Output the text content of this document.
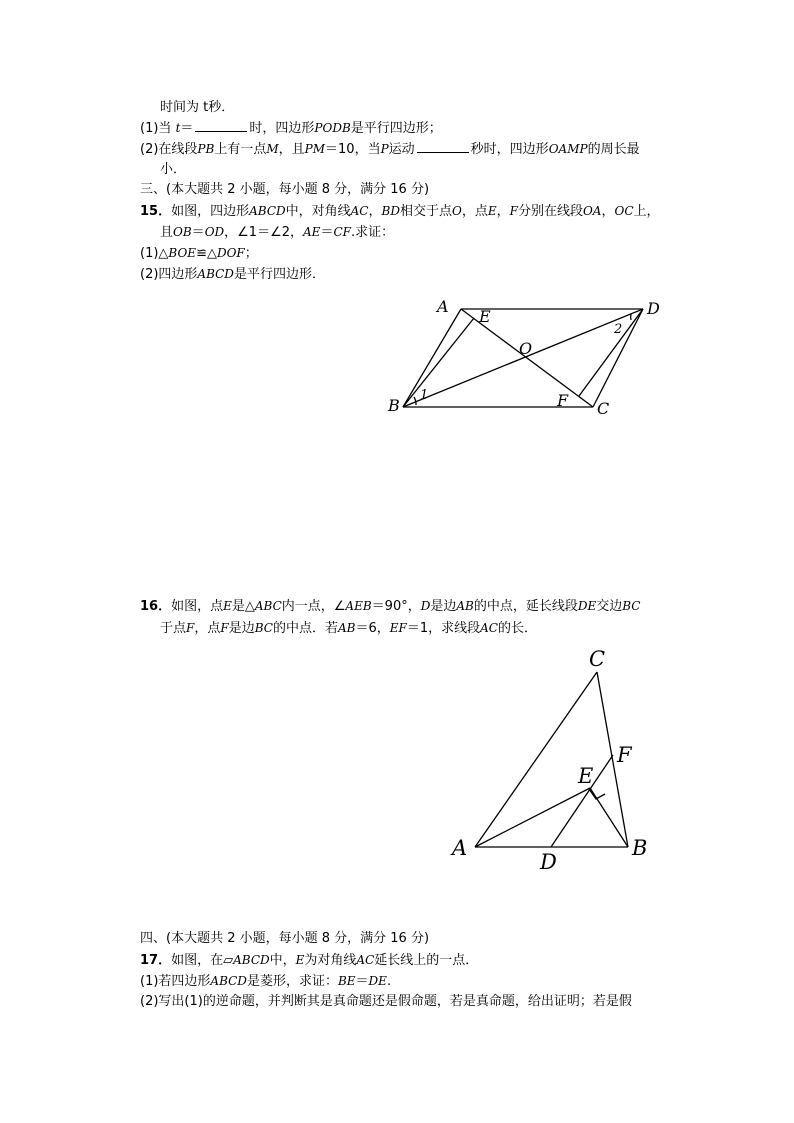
时间为 t秒．
(1)当 t＝	时，四边形PODB是平行四边形；
(2)在线段PB上有一点M，且PM＝10，当P运动	秒时，四边形OAMP的周长最
小．
三、(本大题共 2 小题，每小题 8 分，满分 16 分)
15．如图，四边形ABCD中，对角线AC，BD相交于点O，点E，F分别在线段OA，OC上，
且OB＝OD，∠1＝∠2，AE＝CF.求证：
(1)△BOE≌△DOF；
(2)四边形ABCD是平行四边形．
A
B	C
D
E
F
O
1
2
16．如图，点E是△ABC内一点，∠AEB＝90°，D是边AB的中点，延长线段DE交边BC
于点F，点F是边BC的中点．若AB＝6，EF＝1，求线段AC的长．
A	B
C
D
E
F
四、(本大题共 2 小题，每小题 8 分，满分 16 分)
17．如图，在▱ABCD中，E为对角线AC延长线上的一点．
(1)若四边形ABCD是菱形，求证：BE＝DE.
(2)写出(1)的逆命题，并判断其是真命题还是假命题，若是真命题，给出证明；若是假
